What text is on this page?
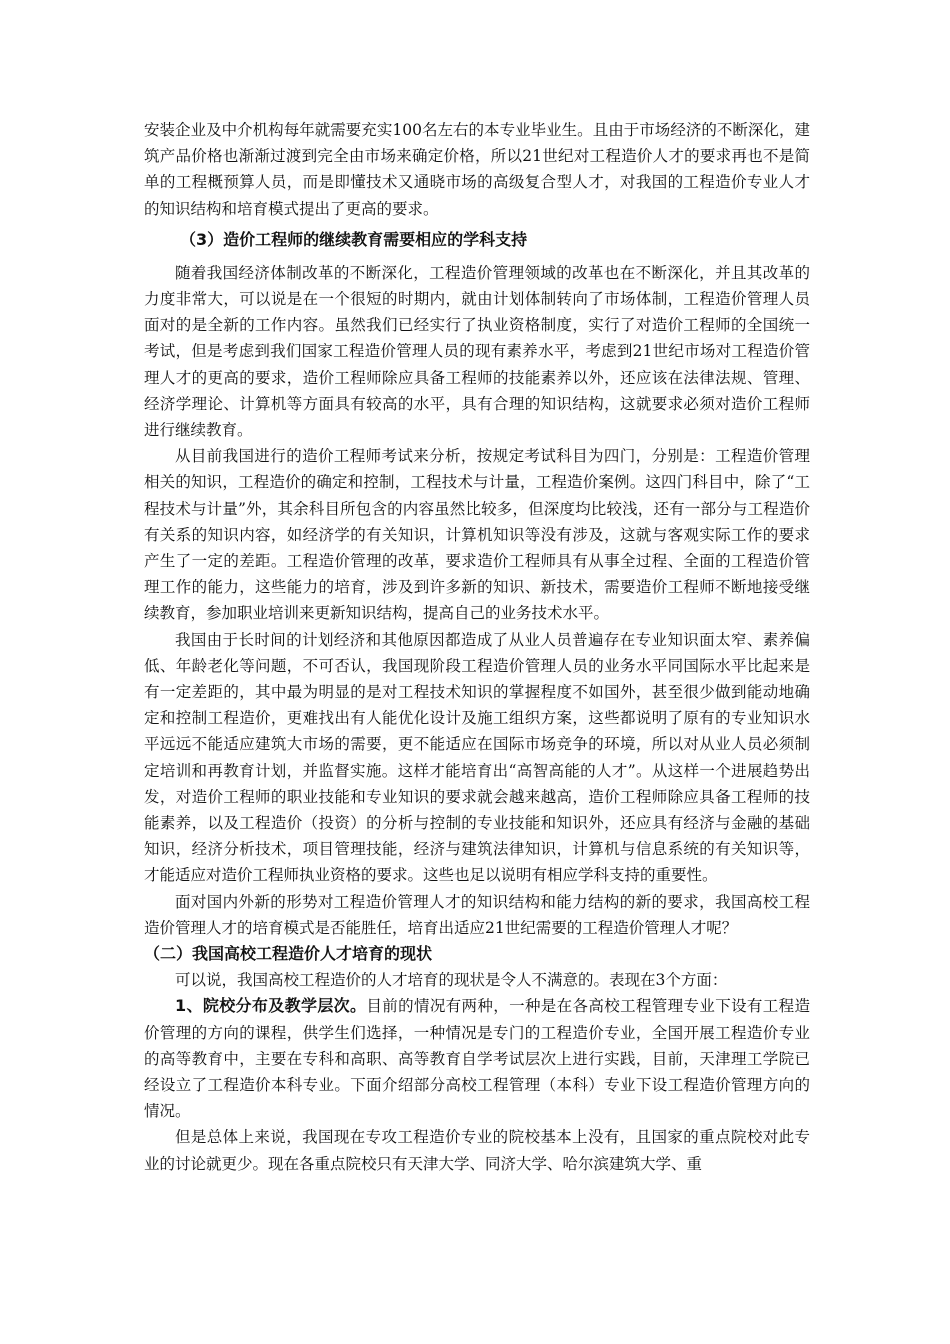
安装企业及中介机构每年就需要充实100名左右的本专业毕业生。且由于市场经济的不断深化，建筑产品价格也渐渐过渡到完全由市场来确定价格，所以21世纪对工程造价人才的要求再也不是简单的工程概预算人员，而是即懂技术又通晓市场的高级复合型人才，对我国的工程造价专业人才的知识结构和培育模式提出了更高的要求。

（3）造价工程师的继续教育需要相应的学科支持

随着我国经济体制改革的不断深化，工程造价管理领域的改革也在不断深化，并且其改革的力度非常大，可以说是在一个很短的时期内，就由计划体制转向了市场体制，工程造价管理人员面对的是全新的工作内容。虽然我们已经实行了执业资格制度，实行了对造价工程师的全国统一考试，但是考虑到我们国家工程造价管理人员的现有素养水平，考虑到21世纪市场对工程造价管理人才的更高的要求，造价工程师除应具备工程师的技能素养以外，还应该在法律法规、管理、经济学理论、计算机等方面具有较高的水平，具有合理的知识结构，这就要求必须对造价工程师进行继续教育。

从目前我国进行的造价工程师考试来分析，按规定考试科目为四门，分别是：工程造价管理相关的知识，工程造价的确定和控制，工程技术与计量，工程造价案例。这四门科目中，除了“工程技术与计量”外，其余科目所包含的内容虽然比较多，但深度均比较浅，还有一部分与工程造价有关系的知识内容，如经济学的有关知识，计算机知识等没有涉及，这就与客观实际工作的要求产生了一定的差距。工程造价管理的改革，要求造价工程师具有从事全过程、全面的工程造价管理工作的能力，这些能力的培育，涉及到许多新的知识、新技术，需要造价工程师不断地接受继续教育，参加职业培训来更新知识结构，提高自己的业务技术水平。

我国由于长时间的计划经济和其他原因都造成了从业人员普遍存在专业知识面太窄、素养偏低、年龄老化等问题，不可否认，我国现阶段工程造价管理人员的业务水平同国际水平比起来是有一定差距的，其中最为明显的是对工程技术知识的掌握程度不如国外，甚至很少做到能动地确定和控制工程造价，更难找出有人能优化设计及施工组织方案，这些都说明了原有的专业知识水平远远不能适应建筑大市场的需要，更不能适应在国际市场竞争的环境，所以对从业人员必须制定培训和再教育计划，并监督实施。这样才能培育出“高智高能的人才”。从这样一个进展趋势出发，对造价工程师的职业技能和专业知识的要求就会越来越高，造价工程师除应具备工程师的技能素养，以及工程造价（投资）的分析与控制的专业技能和知识外，还应具有经济与金融的基础知识，经济分析技术，项目管理技能，经济与建筑法律知识，计算机与信息系统的有关知识等，才能适应对造价工程师执业资格的要求。这些也足以说明有相应学科支持的重要性。

面对国内外新的形势对工程造价管理人才的知识结构和能力结构的新的要求，我国高校工程造价管理人才的培育模式是否能胜任，培育出适应21世纪需要的工程造价管理人才呢？

（二）我国高校工程造价人才培育的现状

可以说，我国高校工程造价的人才培育的现状是令人不满意的。表现在3个方面：

1、院校分布及教学层次。目前的情况有两种，一种是在各高校工程管理专业下设有工程造价管理的方向的课程，供学生们选择，一种情况是专门的工程造价专业，全国开展工程造价专业的高等教育中，主要在专科和高职、高等教育自学考试层次上进行实践，目前，天津理工学院已经设立了工程造价本科专业。下面介绍部分高校工程管理（本科）专业下设工程造价管理方向的情况。

但是总体上来说，我国现在专攻工程造价专业的院校基本上没有，且国家的重点院校对此专业的讨论就更少。现在各重点院校只有天津大学、同济大学、哈尔滨建筑大学、重
